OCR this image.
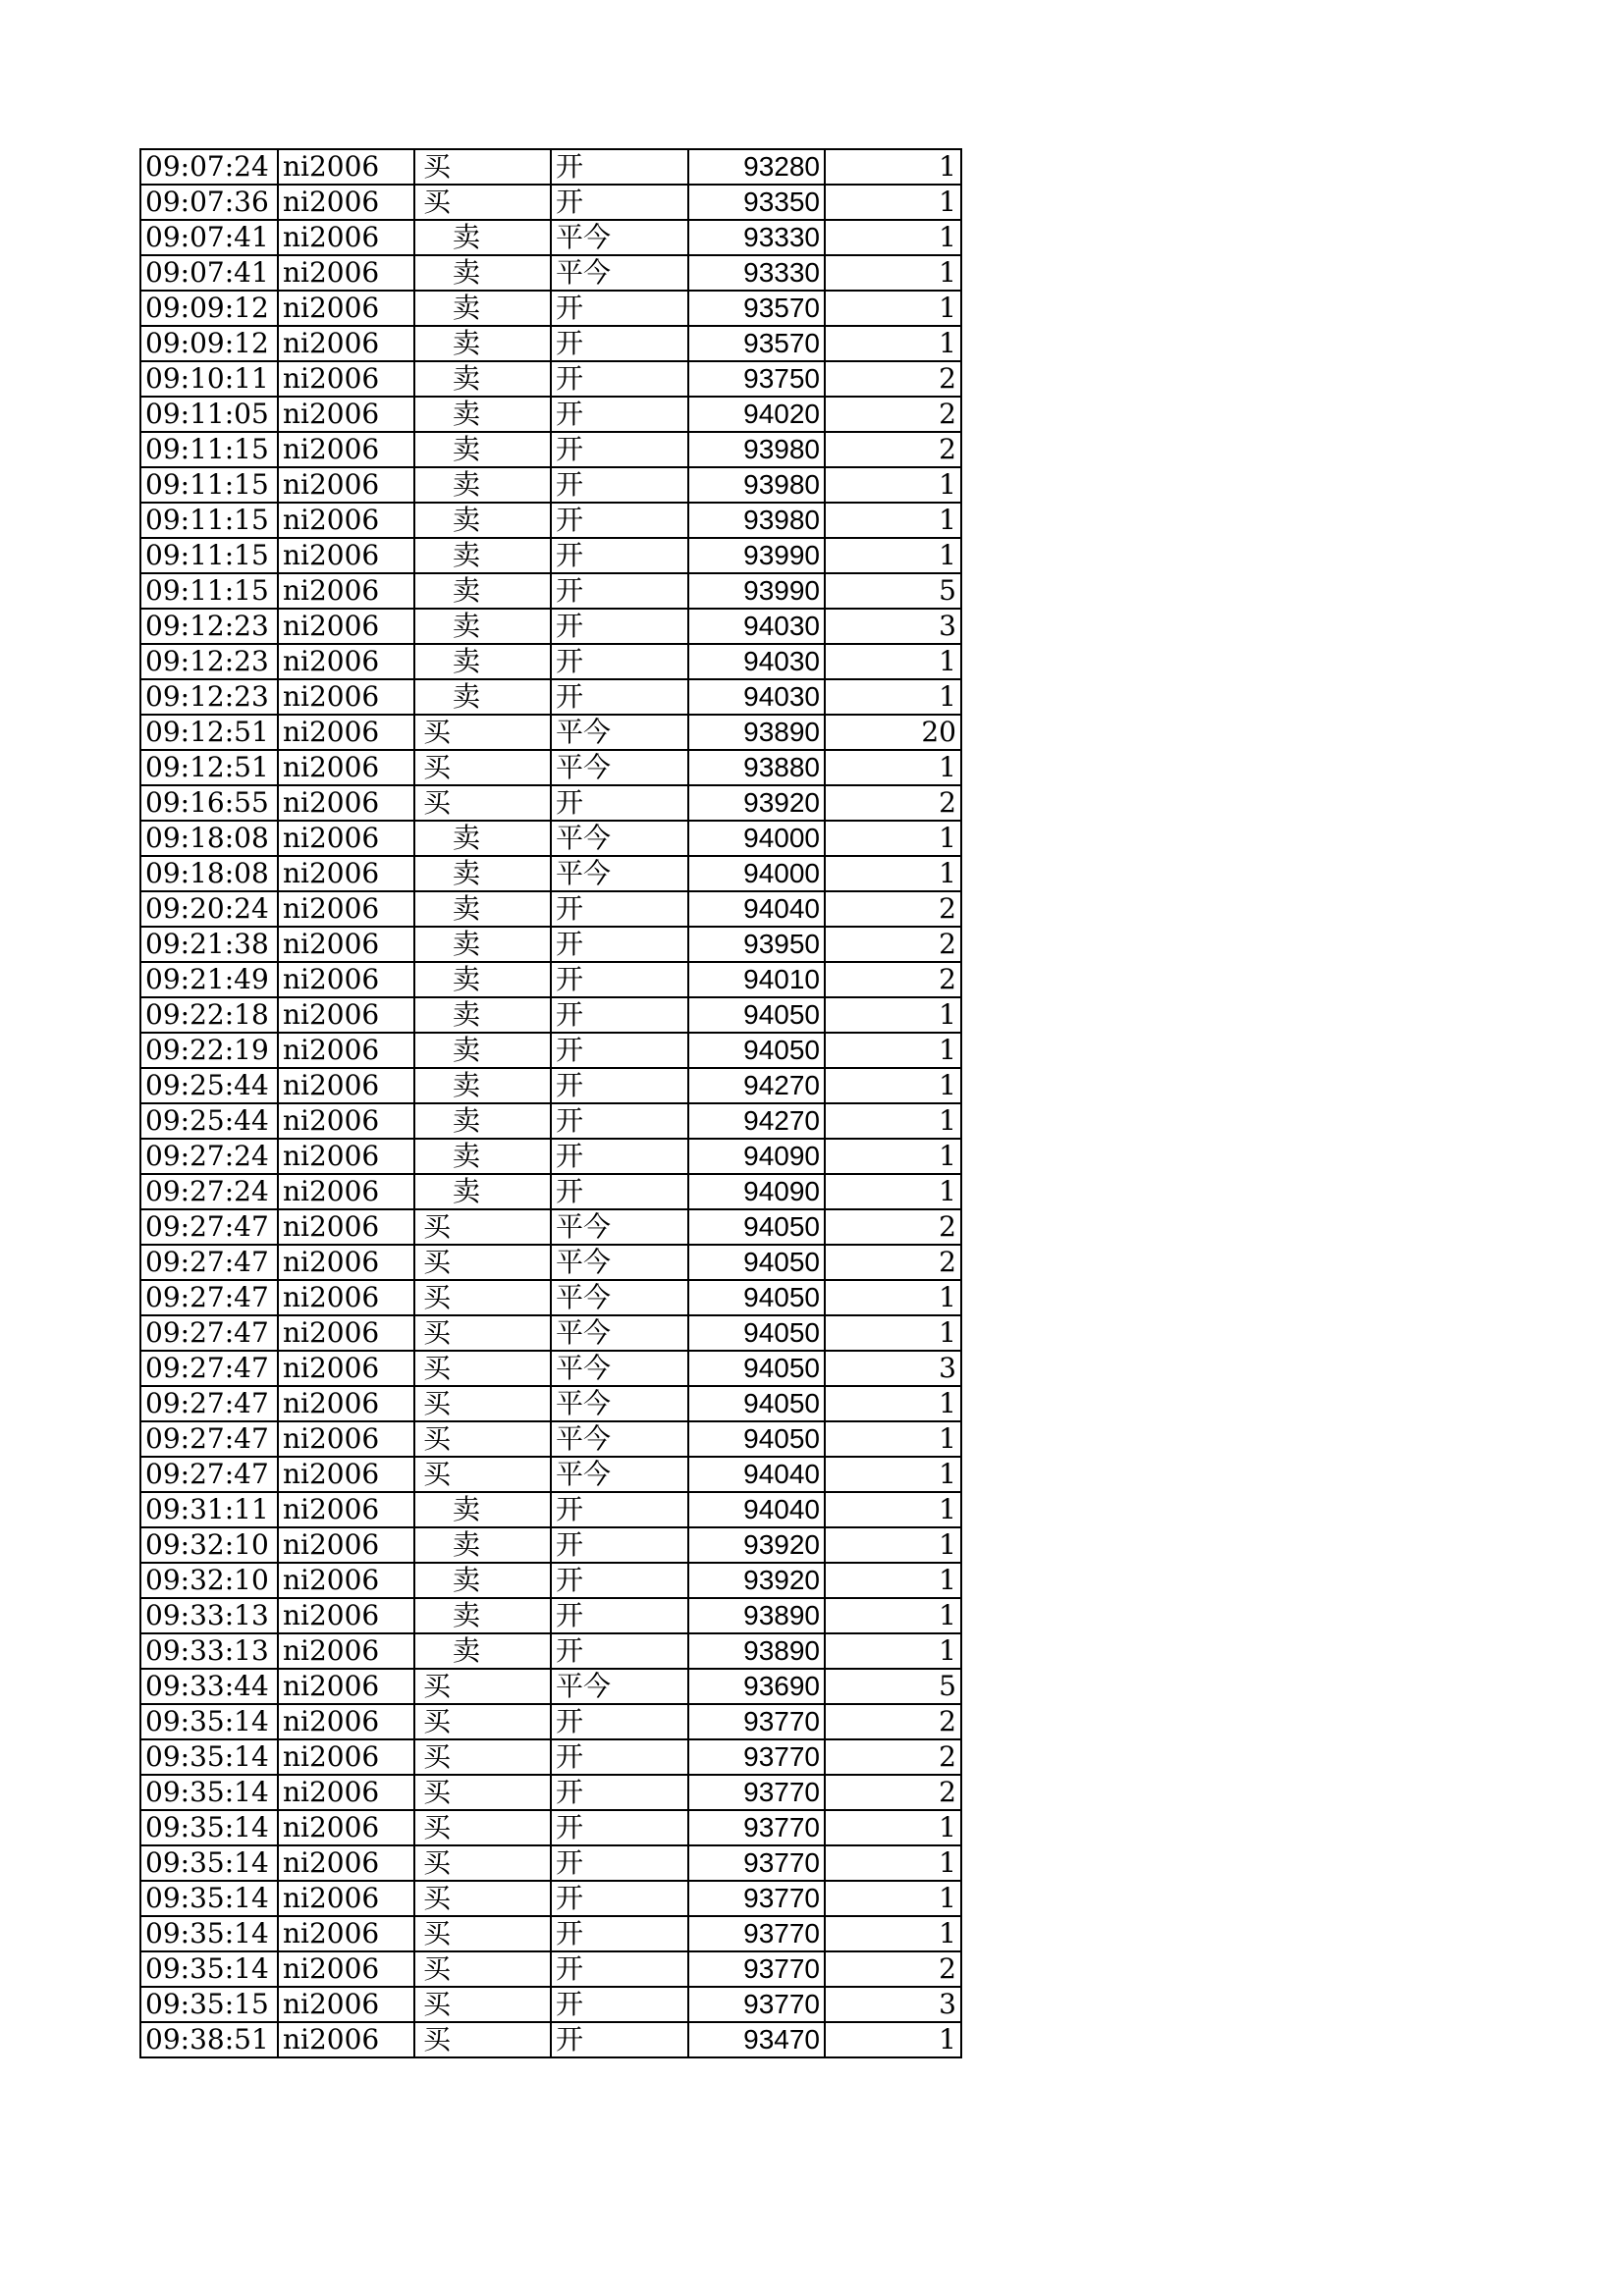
09:07:24	ni2006	买	开	93280	1
09:07:36	ni2006	买	开	93350	1
09:07:41	ni2006	卖	平今	93330	1
09:07:41	ni2006	卖	平今	93330	1
09:09:12	ni2006	卖	开	93570	1
09:09:12	ni2006	卖	开	93570	1
09:10:11	ni2006	卖	开	93750	2
09:11:05	ni2006	卖	开	94020	2
09:11:15	ni2006	卖	开	93980	2
09:11:15	ni2006	卖	开	93980	1
09:11:15	ni2006	卖	开	93980	1
09:11:15	ni2006	卖	开	93990	1
09:11:15	ni2006	卖	开	93990	5
09:12:23	ni2006	卖	开	94030	3
09:12:23	ni2006	卖	开	94030	1
09:12:23	ni2006	卖	开	94030	1
09:12:51	ni2006	买	平今	93890	20
09:12:51	ni2006	买	平今	93880	1
09:16:55	ni2006	买	开	93920	2
09:18:08	ni2006	卖	平今	94000	1
09:18:08	ni2006	卖	平今	94000	1
09:20:24	ni2006	卖	开	94040	2
09:21:38	ni2006	卖	开	93950	2
09:21:49	ni2006	卖	开	94010	2
09:22:18	ni2006	卖	开	94050	1
09:22:19	ni2006	卖	开	94050	1
09:25:44	ni2006	卖	开	94270	1
09:25:44	ni2006	卖	开	94270	1
09:27:24	ni2006	卖	开	94090	1
09:27:24	ni2006	卖	开	94090	1
09:27:47	ni2006	买	平今	94050	2
09:27:47	ni2006	买	平今	94050	2
09:27:47	ni2006	买	平今	94050	1
09:27:47	ni2006	买	平今	94050	1
09:27:47	ni2006	买	平今	94050	3
09:27:47	ni2006	买	平今	94050	1
09:27:47	ni2006	买	平今	94050	1
09:27:47	ni2006	买	平今	94040	1
09:31:11	ni2006	卖	开	94040	1
09:32:10	ni2006	卖	开	93920	1
09:32:10	ni2006	卖	开	93920	1
09:33:13	ni2006	卖	开	93890	1
09:33:13	ni2006	卖	开	93890	1
09:33:44	ni2006	买	平今	93690	5
09:35:14	ni2006	买	开	93770	2
09:35:14	ni2006	买	开	93770	2
09:35:14	ni2006	买	开	93770	2
09:35:14	ni2006	买	开	93770	1
09:35:14	ni2006	买	开	93770	1
09:35:14	ni2006	买	开	93770	1
09:35:14	ni2006	买	开	93770	1
09:35:14	ni2006	买	开	93770	2
09:35:15	ni2006	买	开	93770	3
09:38:51	ni2006	买	开	93470	1
